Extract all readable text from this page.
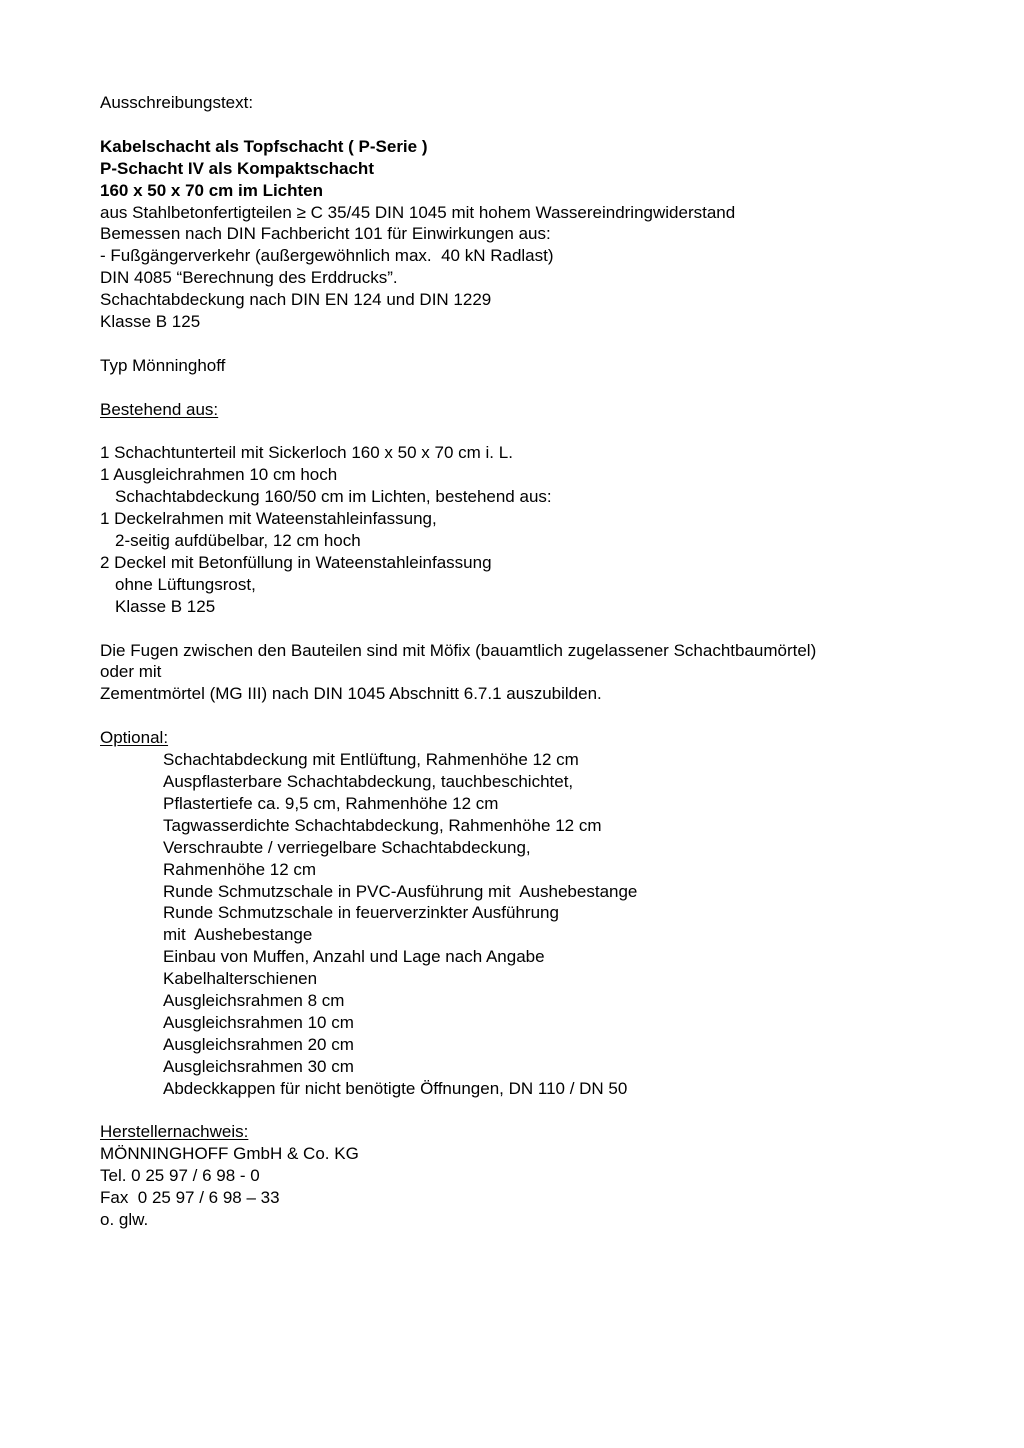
Ausschreibungstext:

Kabelschacht als Topfschacht ( P-Serie )

P-Schacht IV als Kompaktschacht

160 x 50 x 70 cm im Lichten

aus Stahlbetonfertigteilen ≥ C 35/45 DIN 1045 mit hohem Wassereindringwiderstand

Bemessen nach DIN Fachbericht 101 für Einwirkungen aus:

- Fußgängerverkehr (außergewöhnlich max.  40 kN Radlast)

DIN 4085 “Berechnung des Erddrucks”.

Schachtabdeckung nach DIN EN 124 und DIN 1229

Klasse B 125

Typ Mönninghoff

Bestehend aus:

1 Schachtunterteil mit Sickerloch 160 x 50 x 70 cm i. L.

1 Ausgleichrahmen 10 cm hoch

Schachtabdeckung 160/50 cm im Lichten, bestehend aus:

1 Deckelrahmen mit Wateenstahleinfassung,

2-seitig aufdübelbar, 12 cm hoch

2 Deckel mit Betonfüllung in Wateenstahleinfassung

ohne Lüftungsrost,

Klasse B 125

Die Fugen zwischen den Bauteilen sind mit Möfix (bauamtlich zugelassener Schachtbaumörtel)

oder mit

Zementmörtel (MG III) nach DIN 1045 Abschnitt 6.7.1 auszubilden.

Optional:

Schachtabdeckung mit Entlüftung, Rahmenhöhe 12 cm

Auspflasterbare Schachtabdeckung, tauchbeschichtet,

Pflastertiefe ca. 9,5 cm, Rahmenhöhe 12 cm

Tagwasserdichte Schachtabdeckung, Rahmenhöhe 12 cm

Verschraubte / verriegelbare Schachtabdeckung,

Rahmenhöhe 12 cm

Runde Schmutzschale in PVC-Ausführung mit  Aushebestange

Runde Schmutzschale in feuerverzinkter Ausführung

mit  Aushebestange

Einbau von Muffen, Anzahl und Lage nach Angabe

Kabelhalterschienen

Ausgleichsrahmen 8 cm

Ausgleichsrahmen 10 cm

Ausgleichsrahmen 20 cm

Ausgleichsrahmen 30 cm

Abdeckkappen für nicht benötigte Öffnungen, DN 110 / DN 50

Herstellernachweis:

MÖNNINGHOFF GmbH & Co. KG

Tel. 0 25 97 / 6 98 - 0

Fax  0 25 97 / 6 98 – 33

o. glw.
